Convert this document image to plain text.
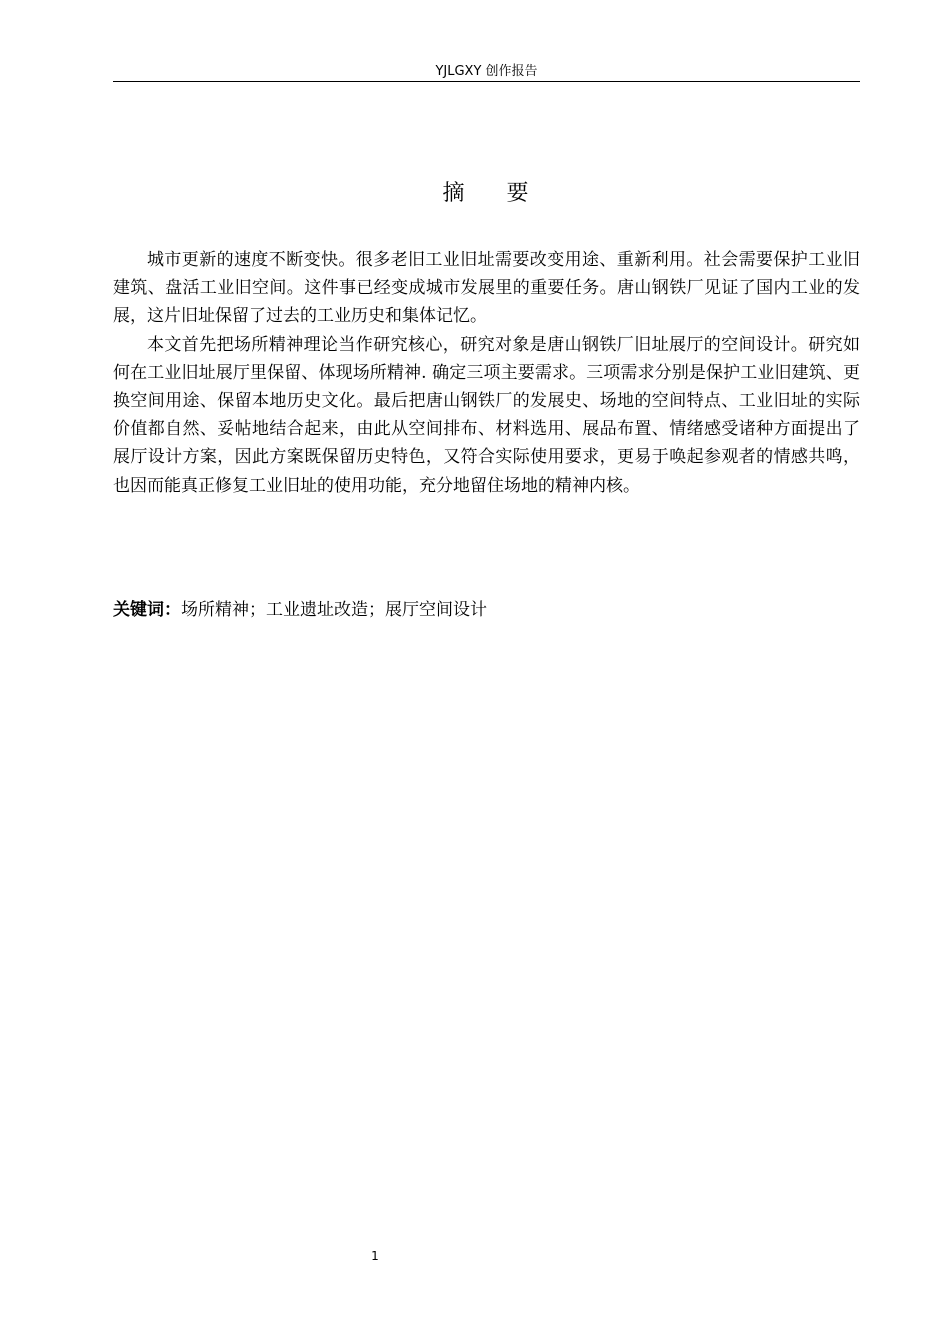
YJLGXY 创作报告
摘 要

城市更新的速度不断变快。很多老旧工业旧址需要改变用途、重新利用。社会需要保护工业旧建筑、盘活工业旧空间。这件事已经变成城市发展里的重要任务。唐山钢铁厂见证了国内工业的发展，这片旧址保留了过去的工业历史和集体记忆。

本文首先把场所精神理论当作研究核心，研究对象是唐山钢铁厂旧址展厅的空间设计。研究如何在工业旧址展厅里保留、体现场所精神. 确定三项主要需求。三项需求分别是保护工业旧建筑、更换空间用途、保留本地历史文化。最后把唐山钢铁厂的发展史、场地的空间特点、工业旧址的实际价值都自然、妥帖地结合起来，由此从空间排布、材料选用、展品布置、情绪感受诸种方面提出了展厅设计方案，因此方案既保留历史特色，又符合实际使用要求，更易于唤起参观者的情感共鸣，也因而能真正修复工业旧址的使用功能，充分地留住场地的精神内核。

关键词：场所精神；工业遗址改造；展厅空间设计
1
